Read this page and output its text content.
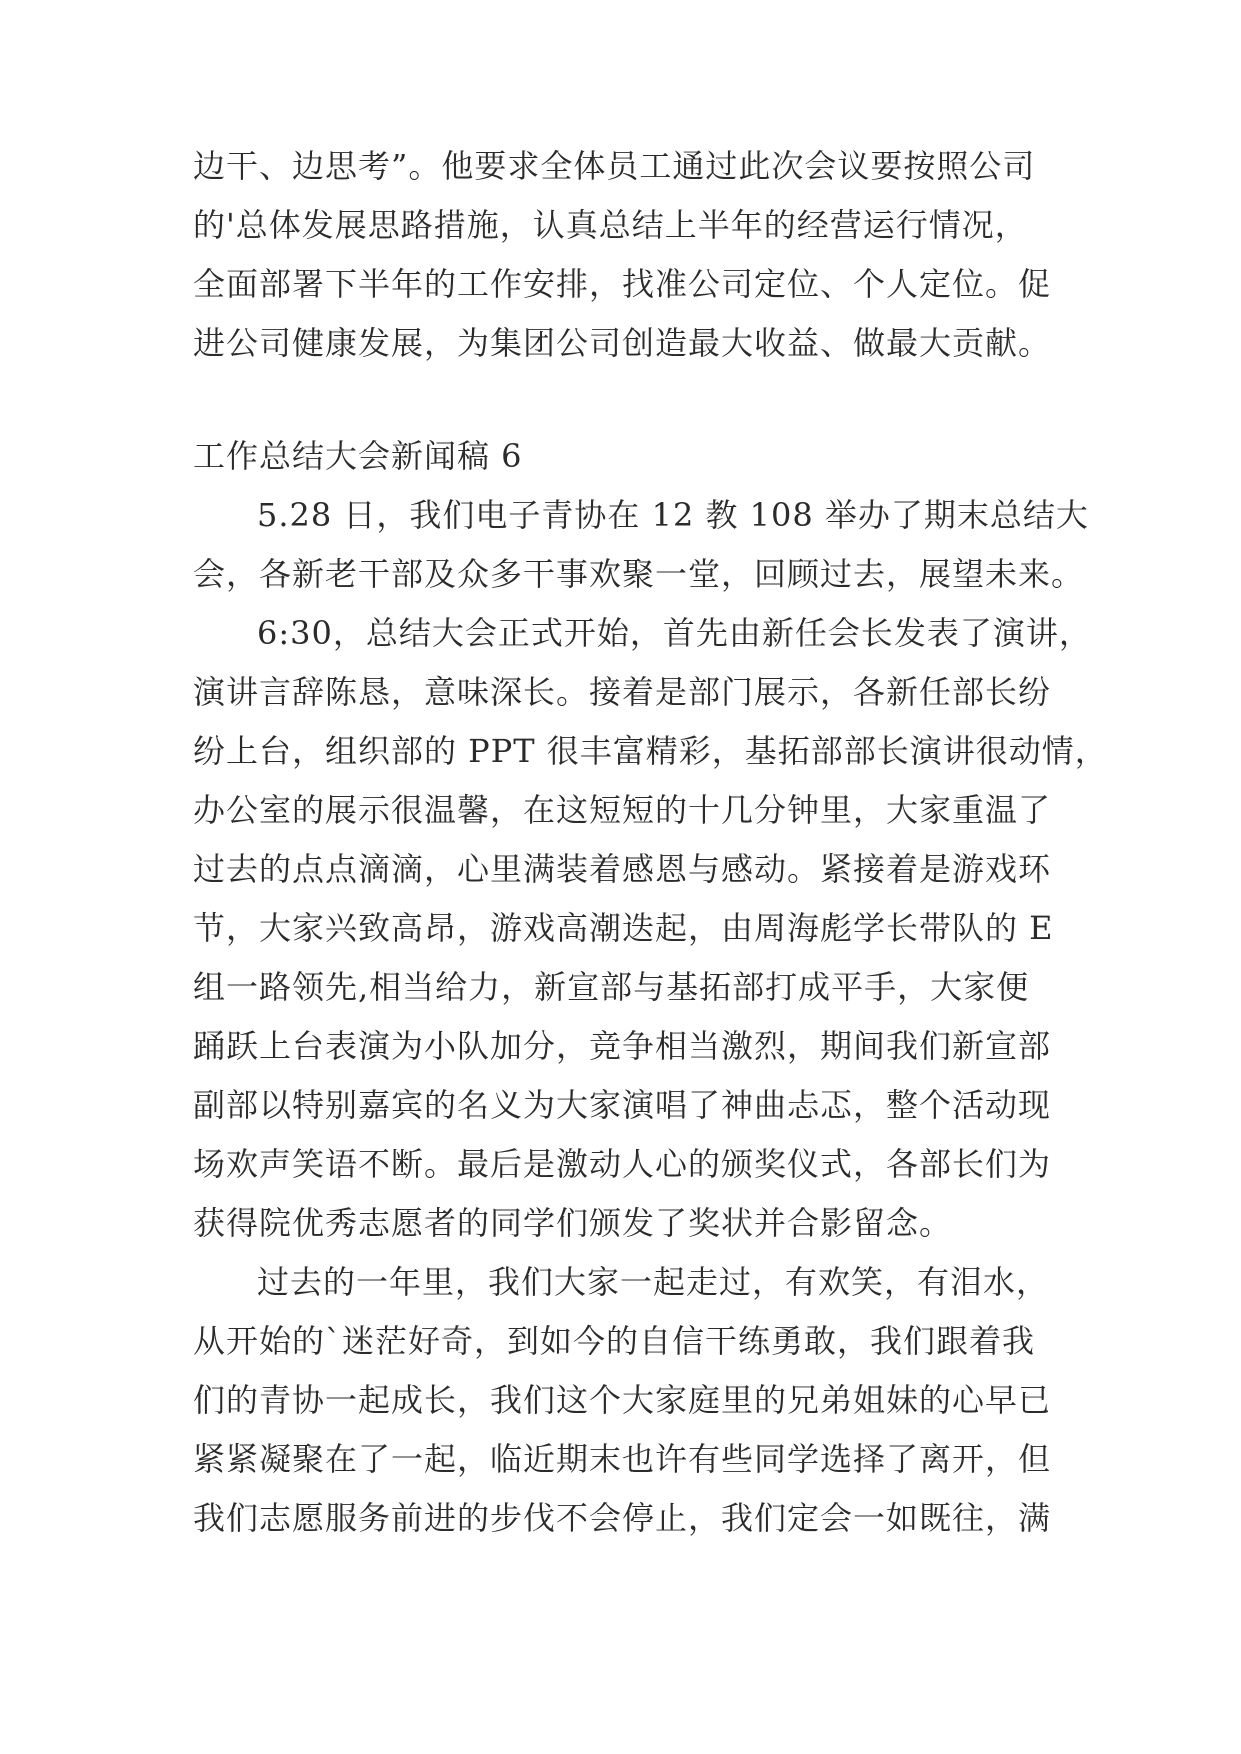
边干、边思考”。他要求全体员工通过此次会议要按照公司
的'总体发展思路措施，认真总结上半年的经营运行情况，
全面部署下半年的工作安排，找准公司定位、个人定位。促
进公司健康发展，为集团公司创造最大收益、做最大贡献。
工作总结大会新闻稿 6
5.28 日，我们电子青协在 12 教 108 举办了期末总结大
会，各新老干部及众多干事欢聚一堂，回顾过去，展望未来。
6:30，总结大会正式开始，首先由新任会长发表了演讲，
演讲言辞陈恳，意味深长。接着是部门展示，各新任部长纷
纷上台，组织部的 PPT 很丰富精彩，基拓部部长演讲很动情，
办公室的展示很温馨，在这短短的十几分钟里，大家重温了
过去的点点滴滴，心里满装着感恩与感动。紧接着是游戏环
节，大家兴致高昂，游戏高潮迭起，由周海彪学长带队的 E
组一路领先,相当给力，新宣部与基拓部打成平手，大家便
踊跃上台表演为小队加分，竞争相当激烈，期间我们新宣部
副部以特别嘉宾的名义为大家演唱了神曲忐忑，整个活动现
场欢声笑语不断。最后是激动人心的颁奖仪式，各部长们为
获得院优秀志愿者的同学们颁发了奖状并合影留念。
过去的一年里，我们大家一起走过，有欢笑，有泪水，
从开始的`迷茫好奇，到如今的自信干练勇敢，我们跟着我
们的青协一起成长，我们这个大家庭里的兄弟姐妹的心早已
紧紧凝聚在了一起，临近期末也许有些同学选择了离开，但
我们志愿服务前进的步伐不会停止，我们定会一如既往，满
